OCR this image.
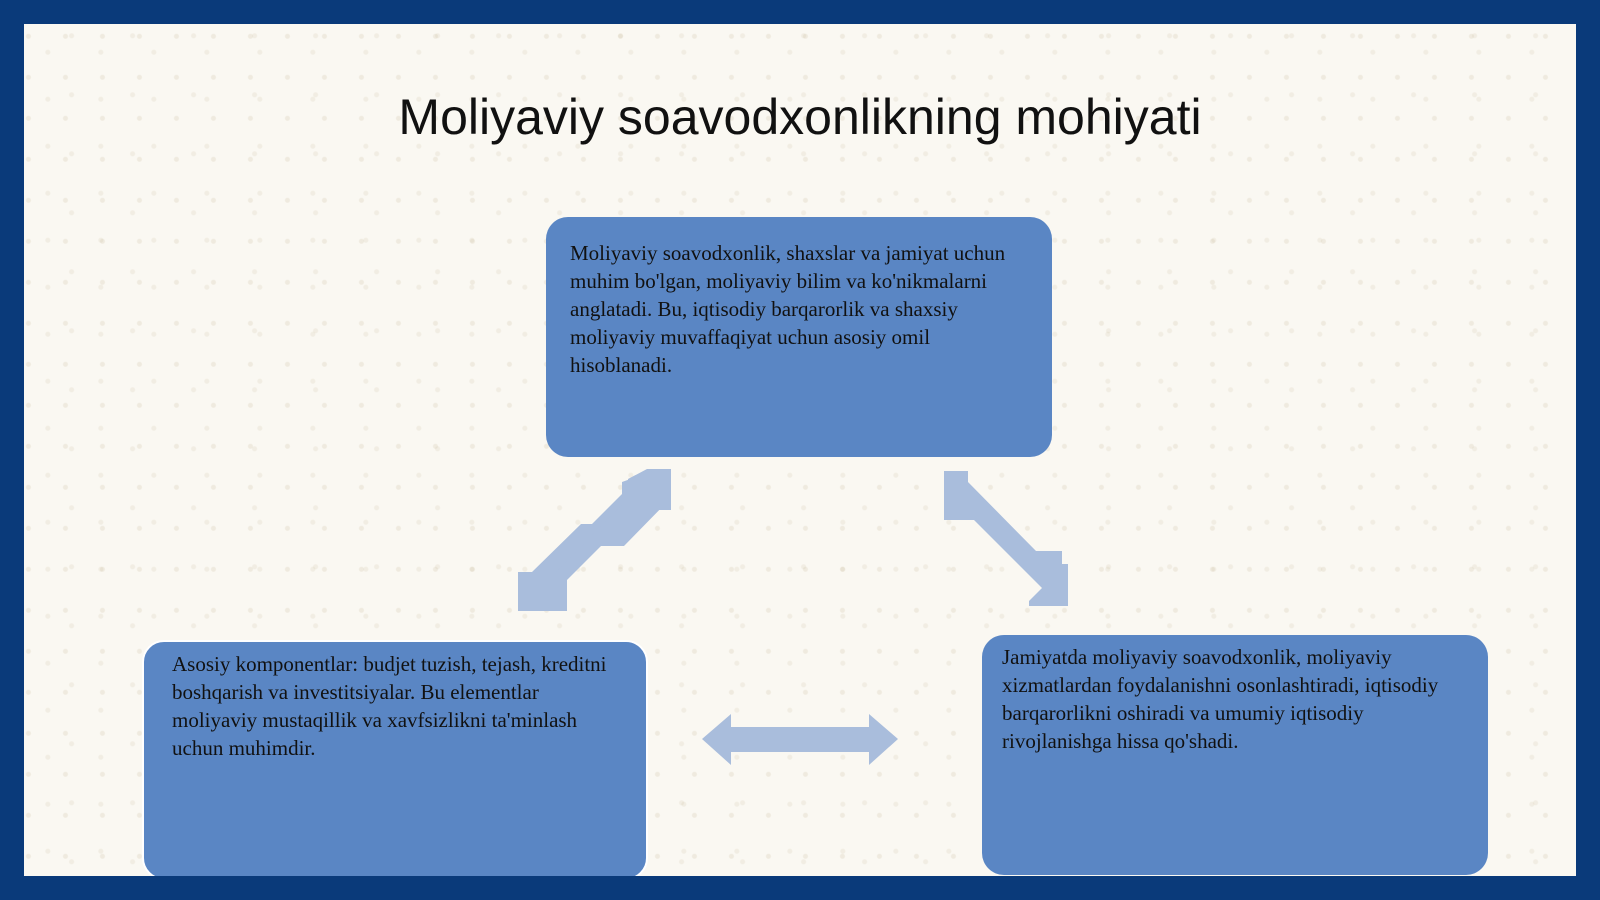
Moliyaviy soavodxonlikning mohiyati
Moliyaviy soavodxonlik, shaxslar va jamiyat uchun muhim bo'lgan, moliyaviy bilim va ko'nikmalarni anglatadi. Bu, iqtisodiy barqarorlik va shaxsiy moliyaviy muvaffaqiyat uchun asosiy omil hisoblanadi.
Asosiy komponentlar: budjet tuzish, tejash, kreditni boshqarish va investitsiyalar. Bu elementlar moliyaviy mustaqillik va xavfsizlikni ta'minlash uchun muhimdir.
Jamiyatda moliyaviy soavodxonlik, moliyaviy xizmatlardan foydalanishni osonlashtiradi, iqtisodiy barqarorlikni oshiradi va umumiy iqtisodiy rivojlanishga hissa qo'shadi.
